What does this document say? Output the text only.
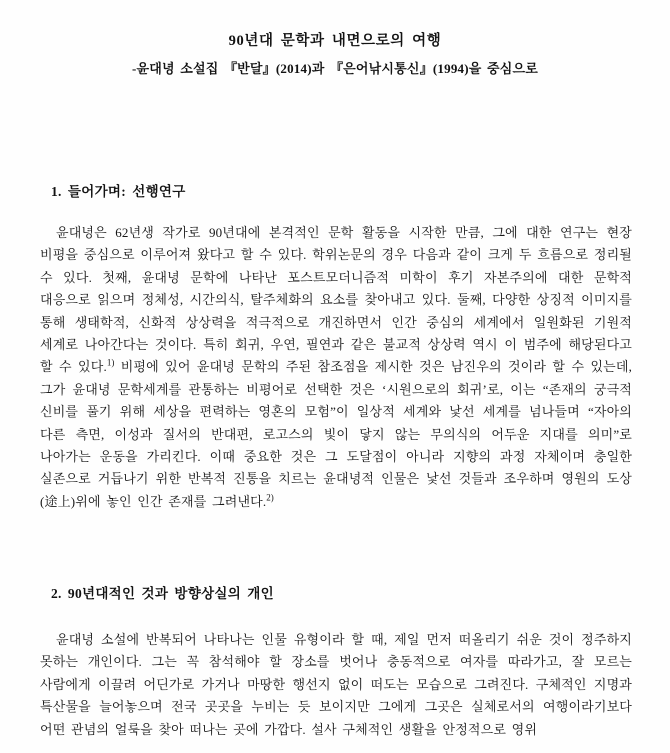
90년대 문학과 내면으로의 여행
-윤대녕 소설집 『반달』(2014)과 『은어낚시통신』(1994)을 중심으로
1. 들어가며: 선행연구

윤대녕은 62년생 작가로 90년대에 본격적인 문학 활동을 시작한 만큼, 그에 대한 연구는 현장 비평을 중심으로 이루어져 왔다고 할 수 있다. 학위논문의 경우 다음과 같이 크게 두 흐름으로 정리될 수 있다. 첫째, 윤대녕 문학에 나타난 포스트모더니즘적 미학이 후기 자본주의에 대한 문학적 대응으로 읽으며 정체성, 시간의식, 탈주체화의 요소를 찾아내고 있다. 둘째, 다양한 상징적 이미지를 통해 생태학적, 신화적 상상력을 적극적으로 개진하면서 인간 중심의 세계에서 일원화된 기원적 세계로 나아간다는 것이다. 특히 회귀, 우연, 필연과 같은 불교적 상상력 역시 이 범주에 해당된다고 할 수 있다.$^{1)}$ 비평에 있어 윤대녕 문학의 주된 참조점을 제시한 것은 남진우의 것이라 할 수 있는데, 그가 윤대녕 문학세계를 관통하는 비평어로 선택한 것은 ‘시원으로의 회귀’로, 이는 “존재의 궁극적 신비를 풀기 위해 세상을 편력하는 영혼의 모험”이 일상적 세계와 낯선 세계를 넘나들며 “자아의 다른 측면, 이성과 질서의 반대편, 로고스의 빛이 닿지 않는 무의식의 어두운 지대를 의미”로 나아가는 운동을 가리킨다. 이때 중요한 것은 그 도달점이 아니라 지향의 과정 자체이며 충일한 실존으로 거듭나기 위한 반복적 진통을 치르는 윤대녕적 인물은 낯선 것들과 조우하며 영원의 도상(途上)위에 놓인 인간 존재를 그려낸다.$^{2)}$

2. 90년대적인 것과 방향상실의 개인

윤대녕 소설에 반복되어 나타나는 인물 유형이라 할 때, 제일 먼저 떠올리기 쉬운 것이 정주하지 못하는 개인이다. 그는 꼭 참석해야 할 장소를 벗어나 충동적으로 여자를 따라가고, 잘 모르는 사람에게 이끌려 어딘가로 가거나 마땅한 행선지 없이 떠도는 모습으로 그려진다. 구체적인 지명과 특산물을 늘어놓으며 전국 곳곳을 누비는 듯 보이지만 그에게 그곳은 실체로서의 여행이라기보다 어떤 관념의 얼룩을 찾아 떠나는 곳에 가깝다. 설사 구체적인 생활을 안정적으로 영위
